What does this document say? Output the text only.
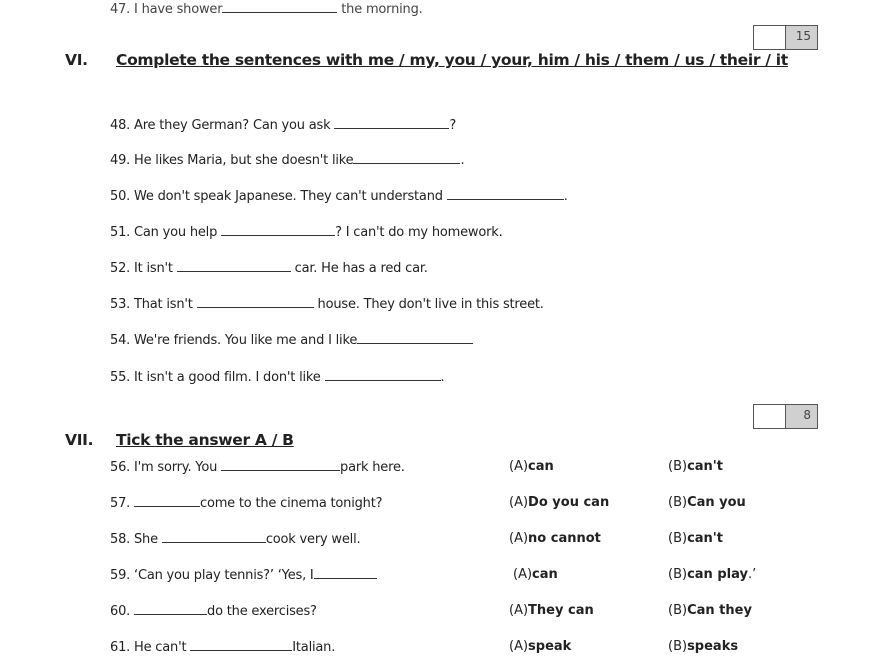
47. I have shower	the morning.
15
VI. Complete the sentences with me / my, you / your, him / his / them / us / their / it
48. Are they German? Can you ask	?
49. He likes Maria, but she doesn't like	.
50. We don't speak Japanese. They can't understand	.
51. Can you help	? I can't do my homework.
52. It isn't	car. He has a red car.
53. That isn't	house. They don't live in this street.
54. We're friends. You like me and I like
55. It isn't a good film. I don't like	.
8
VII. Tick the answer A / B
56. I'm sorry. You	park here.	(A)can	(B)can't
57.	come to the cinema tonight?	(A)Do you can	(B)Can you
58. She	cook very well.	(A)no cannot	(B)can't
59. ‘Can you play tennis?’ ‘Yes, I	(A)can	(B)can play.’
60.	do the exercises?	(A)They can	(B)Can they
61. He can't	Italian.	(A)speak	(B)speaks
